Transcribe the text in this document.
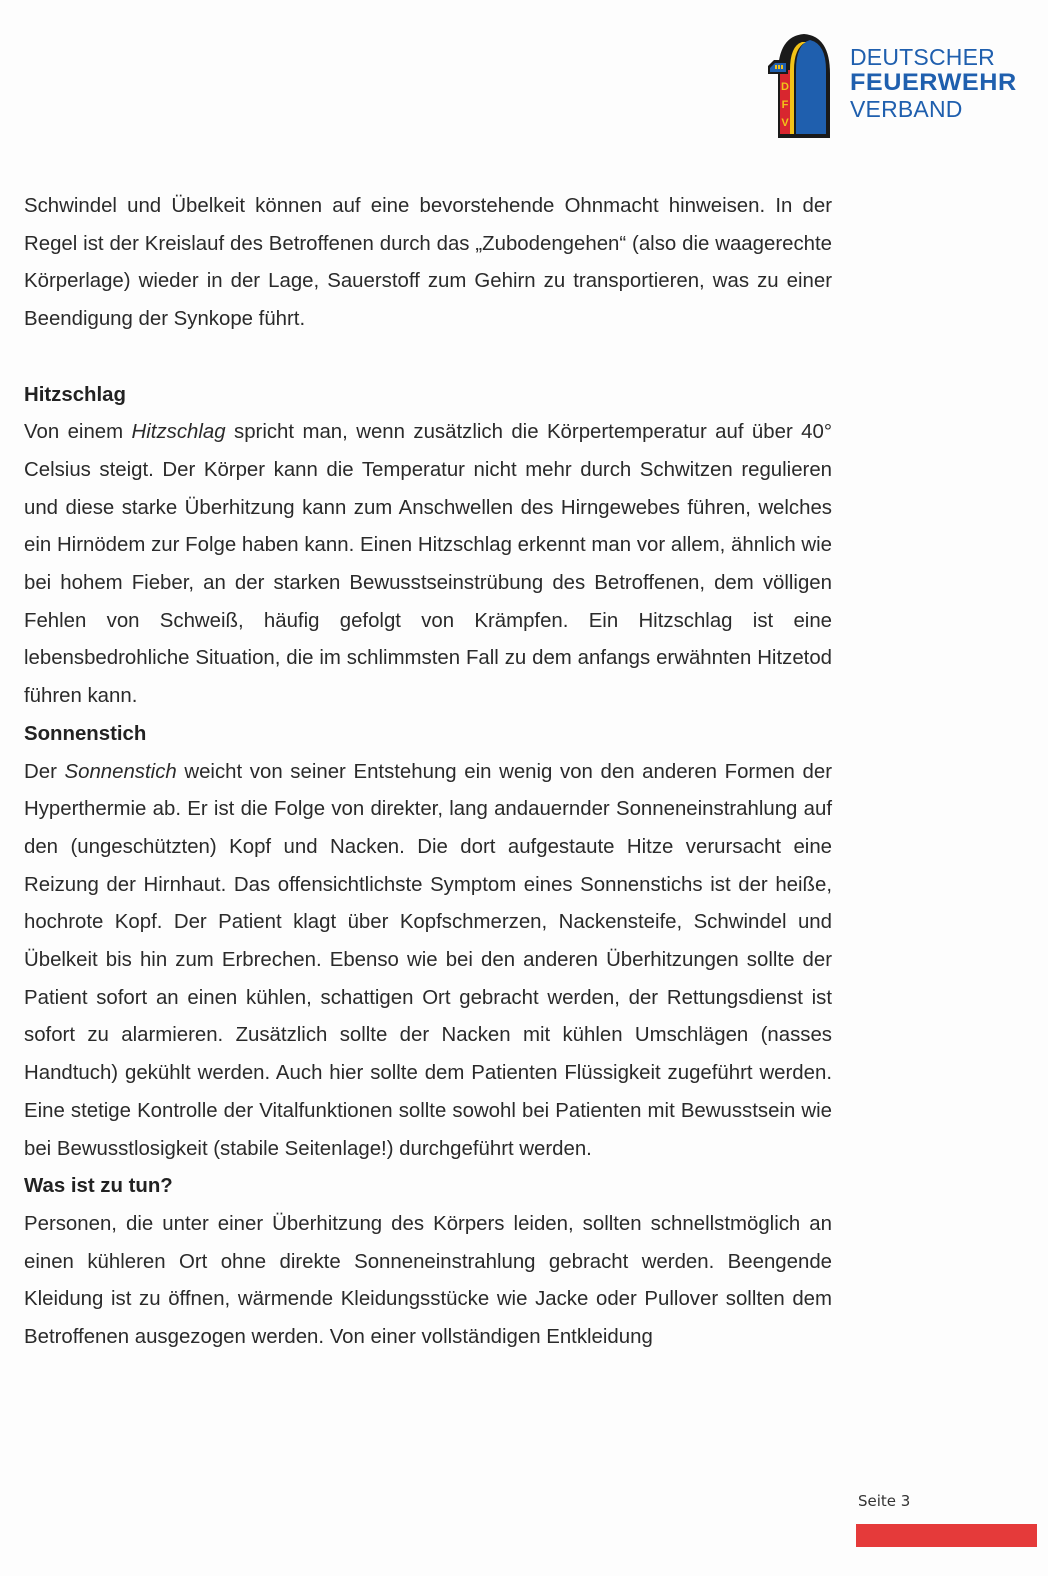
D
F
V
DEUTSCHER
FEUERWEHR
VERBAND

Schwindel und Übelkeit können auf eine bevorstehende Ohnmacht hinweisen. In der Regel ist der Kreislauf des Betroffenen durch das „Zubodengehen“ (also die waagerechte Körperlage) wieder in der Lage, Sauerstoff zum Gehirn zu transportieren, was zu einer Beendigung der Synkope führt.

Hitzschlag

Von einem Hitzschlag spricht man, wenn zusätzlich die Körpertemperatur auf über 40° Celsius steigt. Der Körper kann die Temperatur nicht mehr durch Schwitzen regulieren und diese starke Überhitzung kann zum Anschwellen des Hirngewebes führen, welches ein Hirnödem zur Folge haben kann. Einen Hitzschlag erkennt man vor allem, ähnlich wie bei hohem Fieber, an der starken Bewusstseinstrübung des Betroffenen, dem völligen Fehlen von Schweiß, häufig gefolgt von Krämpfen. Ein Hitzschlag ist eine lebensbedrohliche Situation, die im schlimmsten Fall zu dem anfangs erwähnten Hitzetod führen kann.

Sonnenstich

Der Sonnenstich weicht von seiner Entstehung ein wenig von den anderen Formen der Hyperthermie ab. Er ist die Folge von direkter, lang andauernder Sonneneinstrahlung auf den (ungeschützten) Kopf und Nacken. Die dort aufgestaute Hitze verursacht eine Reizung der Hirnhaut. Das offensichtlichste Symptom eines Sonnenstichs ist der heiße, hochrote Kopf. Der Patient klagt über Kopfschmerzen, Nackensteife, Schwindel und Übelkeit bis hin zum Erbrechen. Ebenso wie bei den anderen Überhitzungen sollte der Patient sofort an einen kühlen, schattigen Ort gebracht werden, der Rettungsdienst ist sofort zu alarmieren. Zusätzlich sollte der Nacken mit kühlen Umschlägen (nasses Handtuch) gekühlt werden. Auch hier sollte dem Patienten Flüssigkeit zugeführt werden. Eine stetige Kontrolle der Vitalfunktionen sollte sowohl bei Patienten mit Bewusstsein wie bei Bewusstlosigkeit (stabile Seitenlage!) durchgeführt werden.

Was ist zu tun?

Personen, die unter einer Überhitzung des Körpers leiden, sollten schnellstmöglich an einen kühleren Ort ohne direkte Sonneneinstrahlung gebracht werden. Beengende Kleidung ist zu öffnen, wärmende Kleidungsstücke wie Jacke oder Pullover sollten dem Betroffenen ausgezogen werden. Von einer vollständigen Entkleidung

Seite 3
